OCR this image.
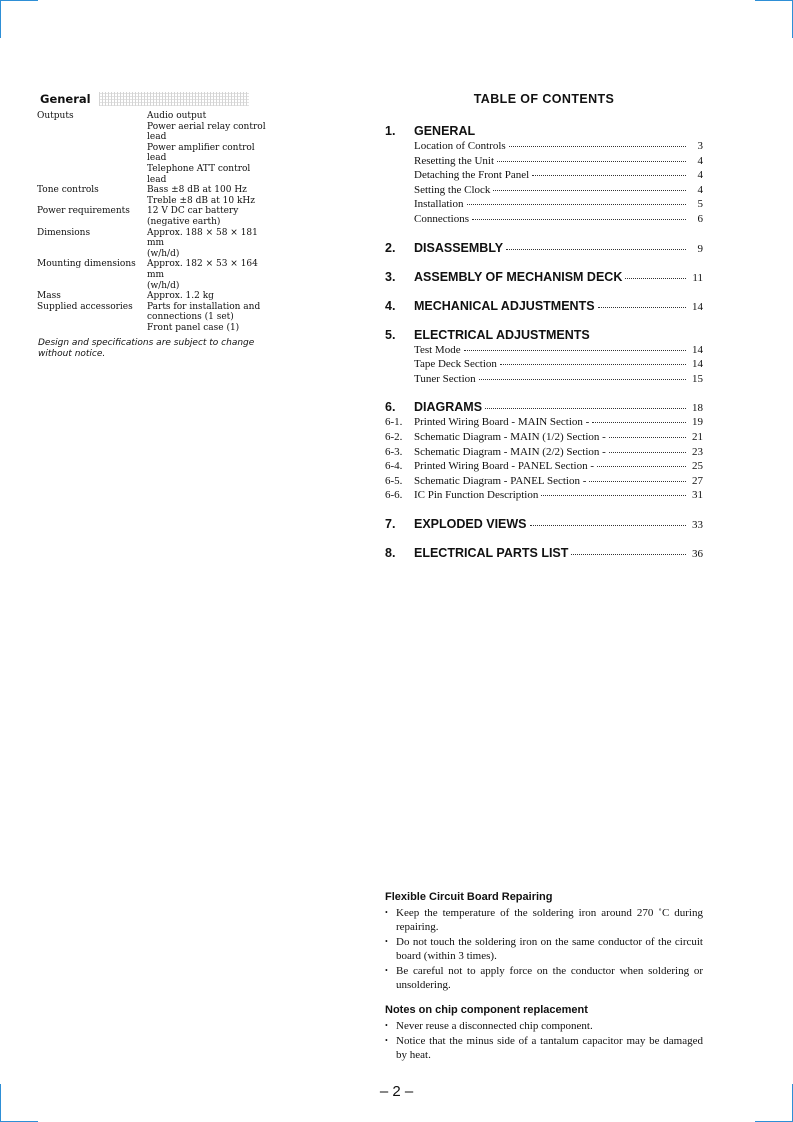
General
Outputs	Audio output
Power aerial relay control
lead
Power amplifier control
lead
Telephone ATT control
lead
Tone controls	Bass ±8 dB at 100 Hz
Treble ±8 dB at 10 kHz
Power requirements	12 V DC car battery
(negative earth)
Dimensions	Approx. 188 × 58 × 181 mm
(w/h/d)
Mounting dimensions	Approx. 182 × 53 × 164 mm
(w/h/d)
Mass	Approx. 1.2 kg
Supplied accessories	Parts for installation and
connections (1 set)
Front panel case (1)
Design and specifications are subject to change
without notice.
TABLE OF CONTENTS
1.	GENERAL
Location of Controls	3
Resetting the Unit	4
Detaching the Front Panel	4
Setting the Clock	4
Installation	5
Connections	6
2.	DISASSEMBLY	9
3.	ASSEMBLY OF MECHANISM DECK	11
4.	MECHANICAL ADJUSTMENTS	14
5.	ELECTRICAL ADJUSTMENTS
Test Mode	14
Tape Deck Section	14
Tuner Section	15
6.	DIAGRAMS	18
6-1.	Printed Wiring Board - MAIN Section -	19
6-2.	Schematic Diagram - MAIN (1/2) Section -	21
6-3.	Schematic Diagram - MAIN (2/2) Section -	23
6-4.	Printed Wiring Board - PANEL Section -	25
6-5.	Schematic Diagram - PANEL Section -	27
6-6.	IC Pin Function Description	31
7.	EXPLODED VIEWS	33
8.	ELECTRICAL PARTS LIST	36
Flexible Circuit Board Repairing
• Keep the temperature of the soldering iron around 270 ˚C during repairing.
• Do not touch the soldering iron on the same conductor of the circuit board (within 3 times).
• Be careful not to apply force on the conductor when soldering or unsoldering.
Notes on chip component replacement
• Never reuse a disconnected chip component.
• Notice that the minus side of a tantalum capacitor may be damaged by heat.
– 2 –
